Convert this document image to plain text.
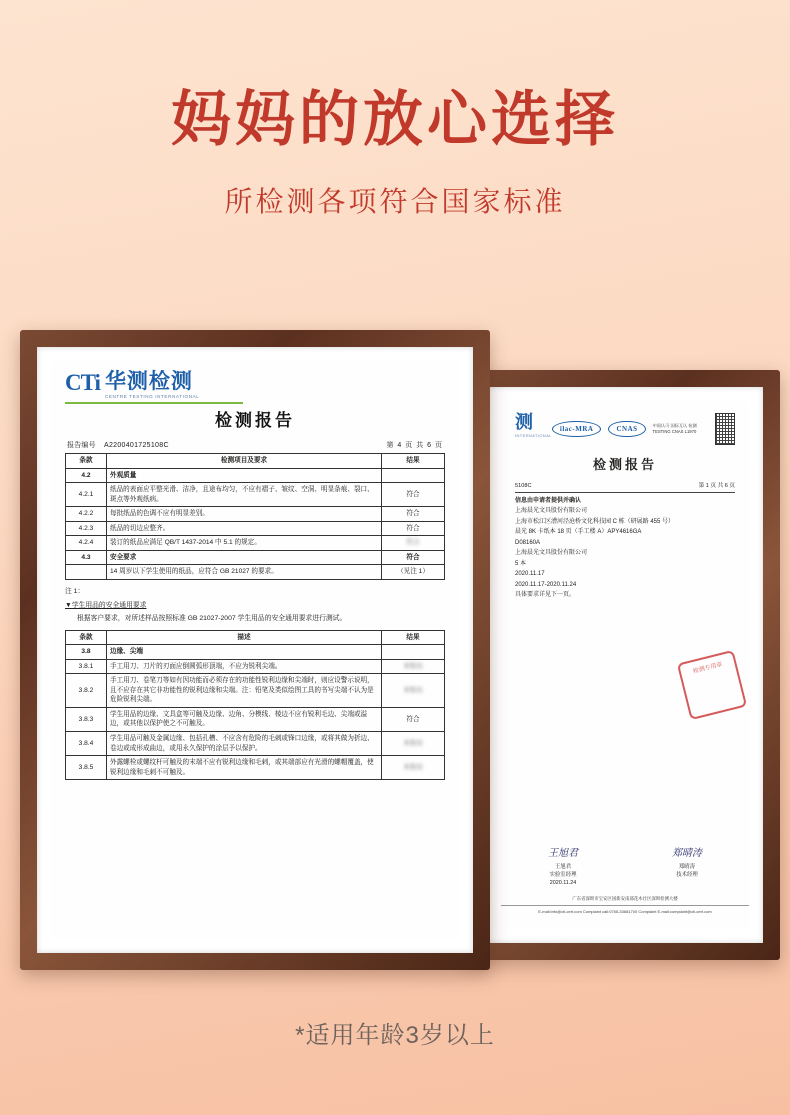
妈妈的放心选择
所检测各项符合国家标准
*适用年龄3岁以上
测
INTERNATIONAL
ilac-MRA	CNAS	中国认可 国际互认 检测 TESTING CNAS L1970
检测报告
5108C	第 1 页 共 6 页
信息由申请者提供并确认
上海晨光文具股份有限公司
上海市松江区漕河泾沧桥文化科技园 C 栋（研展路 455 号）
晨光 8K 卡纸本 18 页（手工楼 A）APY4616GA
D08160A
上海晨光文具股份有限公司
5 本
2020.11.17
2020.11.17-2020.11.24
具体要求详见下一页。
检测专用章
王旭君
王旭君
实验室经理
2020.11.24
郑晴涛
郑晴涛
技术经理
广东省深圳市宝安区国新安南部花木社区深圳检测大楼
E-mail:info@cti-cert.com Complaint call:0755-33681700 Complaint E-mail:complaint@cti-cert.com
CTi 华测检测
CENTRE TESTING INTERNATIONAL
检测报告
报告编号 A2200401725108C	第 4 页 共 6 页
条款	检测项目及要求	结果
4.2	外观质量	
4.2.1	纸品的表面应平整光滑、洁净，且途布均匀，不应有褶子、皱纹、空洞、明显条痕、裂口、斑点等外观纸病。	符合
4.2.2	每批纸品的色调不应有明显差别。	符合
4.2.3	纸品的切边应整齐。	符合
4.2.4	装订的纸品应满足 QB/T 1437-2014 中 5.1 的规定。	符合
4.3	安全要求	符合
	14 周岁以下学生使用的纸品，应符合 GB 21027 的要求。	（见注 1）
注 1：
▼学生用品的安全通用要求
根据客户要求，对所述样品按照标准 GB 21027-2007 学生用品的安全通用要求进行测试。
条款	描述	结果
3.8	边缘、尖端	
3.8.1	手工用刀、刀片的刃面应倒圆弧形顶端，不应为锐利尖端。	未检出
3.8.2	手工用刀、卷笔刀等如有因功能而必须存在的功能性锐利边缘和尖端时，则应设警示说明，且不应存在其它非功能性的锐利边缘和尖端。注：铅笔及类似绘图工具的书写尖端不认为是危险锐利尖端。	未检出
3.8.3	学生用品的边缘、文具盒等可触及边缘、边角、分模线、棱边不应有锐利毛边、尖端或溢边，或其他以保护使之不可触及。	符合
3.8.4	学生用品可触及金属边缘、包括孔槽、不应含有危险的毛刺或锋口边缘，或将其做为折边、卷边或成形成曲边，或用永久保护的涂层予以保护。	未检出
3.8.5	外露螺栓或螺纹杆可触及的末端不应有锐利边缘和毛刺，或其端部应有光滑的螺帽覆盖，使锐利边缘和毛刺不可触及。	未检出
